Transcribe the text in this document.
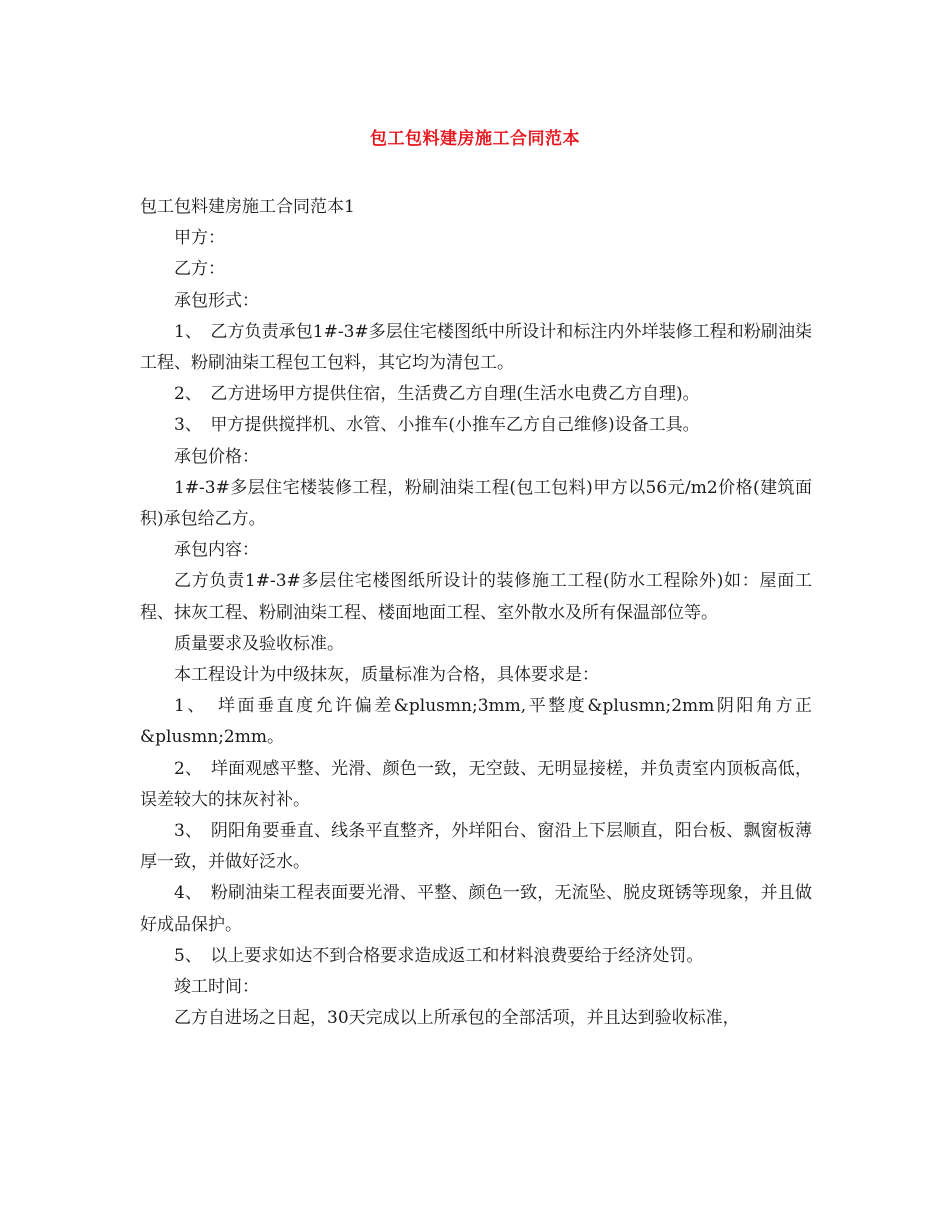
包工包料建房施工合同范本

包工包料建房施工合同范本1

甲方：

乙方：

承包形式：

1、　乙方负责承包1#-3#多层住宅楼图纸中所设计和标注内外垟装修工程和粉刷油柒工程、粉刷油柒工程包工包料，其它均为清包工。

2、　乙方进场甲方提供住宿，生活费乙方自理(生活水电费乙方自理)。

3、　甲方提供搅拌机、水管、小推车(小推车乙方自己维修)设备工具。

承包价格：

1#-3#多层住宅楼装修工程，粉刷油柒工程(包工包料)甲方以56元/m2价格(建筑面积)承包给乙方。

承包内容：

乙方负责1#-3#多层住宅楼图纸所设计的装修施工工程(防水工程除外)如：屋面工程、抹灰工程、粉刷油柒工程、楼面地面工程、室外散水及所有保温部位等。

质量要求及验收标准。

本工程设计为中级抹灰，质量标准为合格，具体要求是：

1、　垟面垂直度允许偏差&plusmn;3mm,平整度&plusmn;2mm阴阳角方正&plusmn;2mm。

2、　垟面观感平整、光滑、颜色一致，无空鼓、无明显接槎，并负责室内顶板高低，误差较大的抹灰衬补。

3、　阴阳角要垂直、线条平直整齐，外垟阳台、窗沿上下层顺直，阳台板、飘窗板薄厚一致，并做好泛水。

4、　粉刷油柒工程表面要光滑、平整、颜色一致，无流坠、脱皮斑锈等现象，并且做好成品保护。

5、　以上要求如达不到合格要求造成返工和材料浪费要给于经济处罚。

竣工时间：

乙方自进场之日起，30天完成以上所承包的全部活项，并且达到验收标准，
